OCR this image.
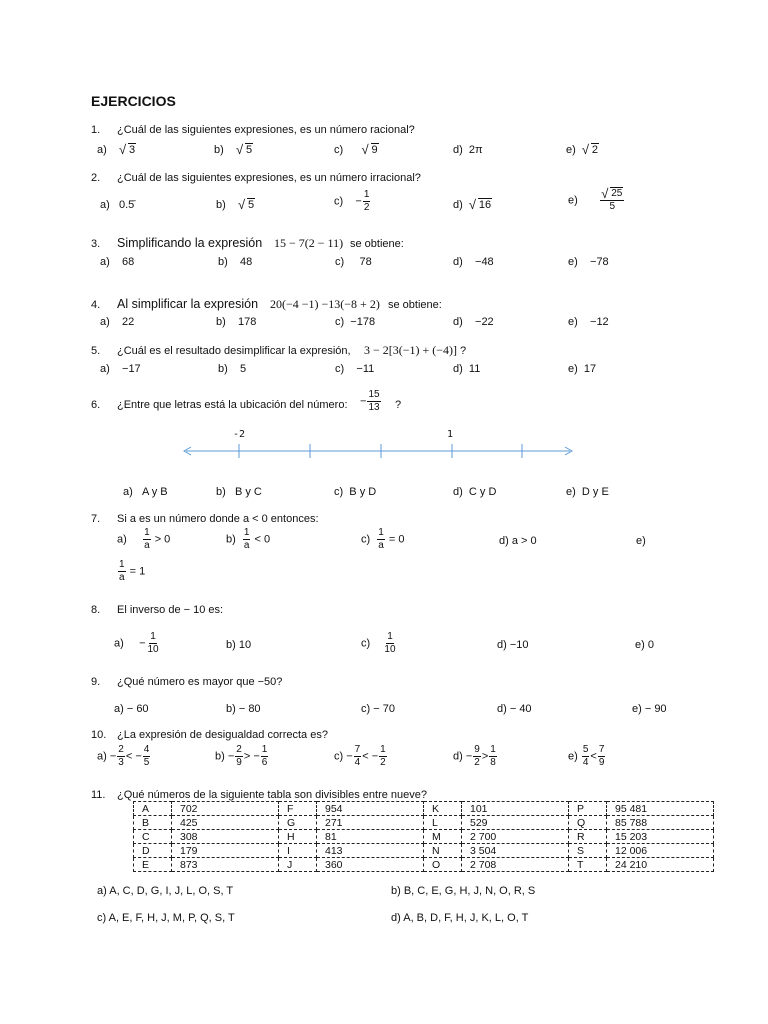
EJERCICIOS
1. ¿Cuál de las siguientes expresiones, es un número racional?
a) √ 3	b) √ 5	c)	√ 9	d) 2π	e) √ 2
2. ¿Cuál de las siguientes expresiones, es un número irracional?
a) 0.5̄	b) √ 5	$c) - \frac{1}{2}$	d) √ 16	e) √ $\frac{25}{5}$
3. Simplificando la expresión 15 − 7(2 − 11) se obtiene:
a) 68	b) 48	c) 78	d) −48	e) −78
4. Al simplificar la expresión 20(−4 −1) −13(−8 + 2) se obtiene:
a) 22	b) 178	c) −178	d) −22	e) −12
5. ¿Cuál es el resultado desimplificar la expresión, 3 − 2[3(−1) + (−4)] ?
a) −17	b) 5	c) −11	d) 11	e) 17
6. ¿Entre que letras está la ubicación del número: − $\frac{15}{13}$ ?
-2	1
a) A y B	b) B y C	c) B y D	d) C y D	e) D y E
7. Si a es un número donde a < 0 entonces:
$a) \frac{1}{a} > 0$	$b) \frac{1}{a} < 0$	$c) \frac{1}{a} = 0$	d) a > 0	e)
$\frac{1}{a} = 1$
8. El inverso de − 10 es:
$a) - \frac{1}{10}$	b) 10	$c) \frac{1}{10}$	d) −10	e) 0
9. ¿Qué número es mayor que −50?
a) − 60	b) − 80	c) − 70	d) − 40	e) − 90
10. ¿La expresión de desigualdad correcta es?
$a) - \frac{2}{3}$ < − $\frac{4}{5}$	$b) - \frac{2}{9}$ > − $\frac{1}{6}$	$c) - \frac{7}{4}$ < − $\frac{1}{2}$	$d) - \frac{9}{2} > \frac{1}{8}$	$e) \frac{5}{4} < \frac{7}{9}$
11. ¿Qué números de la siguiente tabla son divisibles entre nueve?
A	702	F	954	K	101	P	95 481
B	425	G	271	L	529	Q	85 788
C	308	H	81	M	2 700	R	15 203
D	179	I	413	N	3 504	S	12 006
E	873	J	360	O	2 708	T	24 210
a) A, C, D, G, I, J, L, O, S, T	b) B, C, E, G, H, J, N, O, R, S
c) A, E, F, H, J, M, P, Q, S, T	d) A, B, D, F, H, J, K, L, O, T
